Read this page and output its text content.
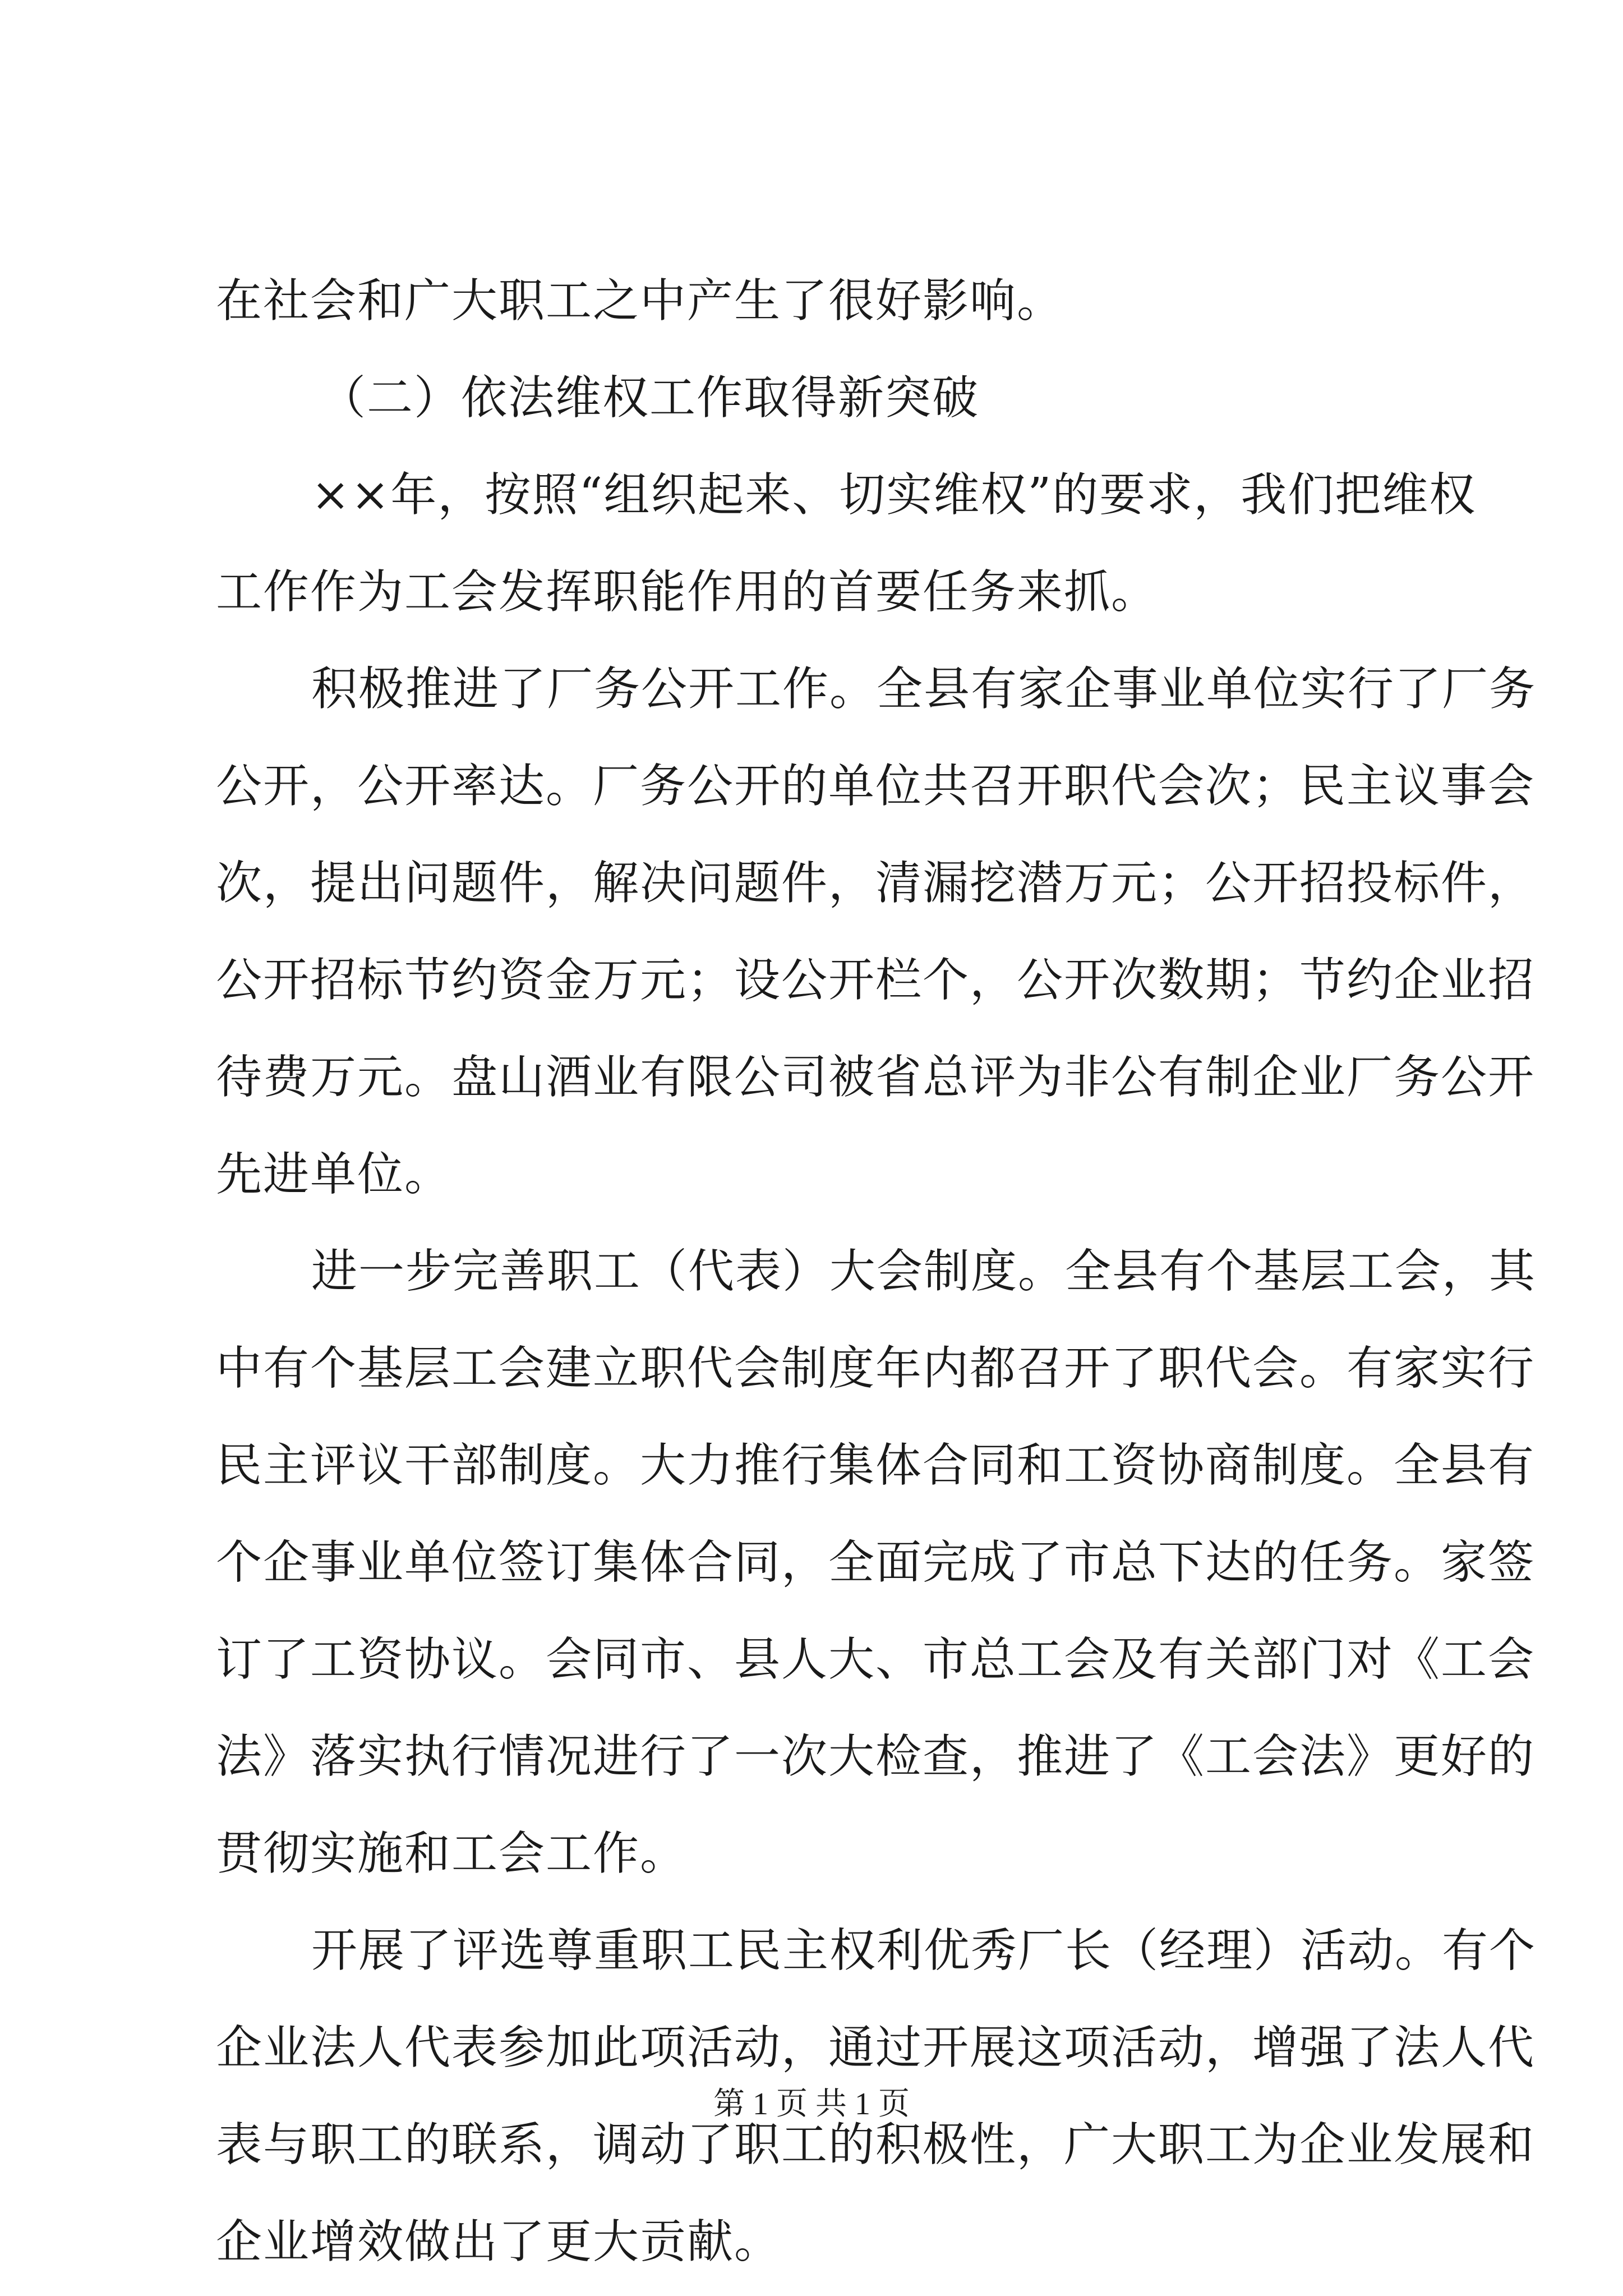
在社会和广大职工之中产生了很好影响。
（二）依法维权工作取得新突破
××年，按照“组织起来、切实维权”的要求，我们把维权
工作作为工会发挥职能作用的首要任务来抓。
积极推进了厂务公开工作。全县有家企事业单位实行了厂务
公开，公开率达。厂务公开的单位共召开职代会次；民主议事会
次，提出问题件，解决问题件，清漏挖潜万元；公开招投标件，
公开招标节约资金万元；设公开栏个，公开次数期；节约企业招
待费万元。盘山酒业有限公司被省总评为非公有制企业厂务公开
先进单位。
进一步完善职工（代表）大会制度。全县有个基层工会，其
中有个基层工会建立职代会制度年内都召开了职代会。有家实行
民主评议干部制度。大力推行集体合同和工资协商制度。全县有
个企事业单位签订集体合同，全面完成了市总下达的任务。家签
订了工资协议。会同市、县人大、市总工会及有关部门对《工会
法》落实执行情况进行了一次大检查，推进了《工会法》更好的
贯彻实施和工会工作。
开展了评选尊重职工民主权利优秀厂长（经理）活动。有个
企业法人代表参加此项活动，通过开展这项活动，增强了法人代
表与职工的联系，调动了职工的积极性，广大职工为企业发展和
企业增效做出了更大贡献。
第 1 页 共 1 页
